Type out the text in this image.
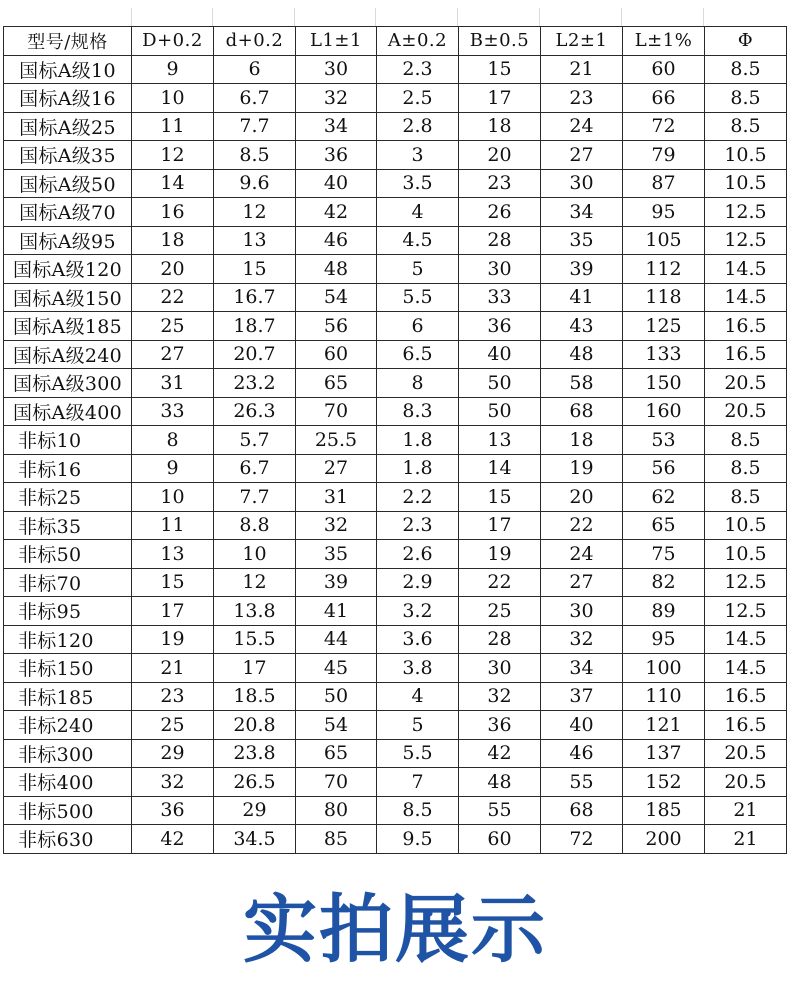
型号/规格	D+0.2	d+0.2	L1±1	A±0.2	B±0.5	L2±1	L±1%	Φ
国标A级10	9	6	30	2.3	15	21	60	8.5
国标A级16	10	6.7	32	2.5	17	23	66	8.5
国标A级25	11	7.7	34	2.8	18	24	72	8.5
国标A级35	12	8.5	36	3	20	27	79	10.5
国标A级50	14	9.6	40	3.5	23	30	87	10.5
国标A级70	16	12	42	4	26	34	95	12.5
国标A级95	18	13	46	4.5	28	35	105	12.5
国标A级120	20	15	48	5	30	39	112	14.5
国标A级150	22	16.7	54	5.5	33	41	118	14.5
国标A级185	25	18.7	56	6	36	43	125	16.5
国标A级240	27	20.7	60	6.5	40	48	133	16.5
国标A级300	31	23.2	65	8	50	58	150	20.5
国标A级400	33	26.3	70	8.3	50	68	160	20.5
非标10	8	5.7	25.5	1.8	13	18	53	8.5
非标16	9	6.7	27	1.8	14	19	56	8.5
非标25	10	7.7	31	2.2	15	20	62	8.5
非标35	11	8.8	32	2.3	17	22	65	10.5
非标50	13	10	35	2.6	19	24	75	10.5
非标70	15	12	39	2.9	22	27	82	12.5
非标95	17	13.8	41	3.2	25	30	89	12.5
非标120	19	15.5	44	3.6	28	32	95	14.5
非标150	21	17	45	3.8	30	34	100	14.5
非标185	23	18.5	50	4	32	37	110	16.5
非标240	25	20.8	54	5	36	40	121	16.5
非标300	29	23.8	65	5.5	42	46	137	20.5
非标400	32	26.5	70	7	48	55	152	20.5
非标500	36	29	80	8.5	55	68	185	21
非标630	42	34.5	85	9.5	60	72	200	21
实拍展示
